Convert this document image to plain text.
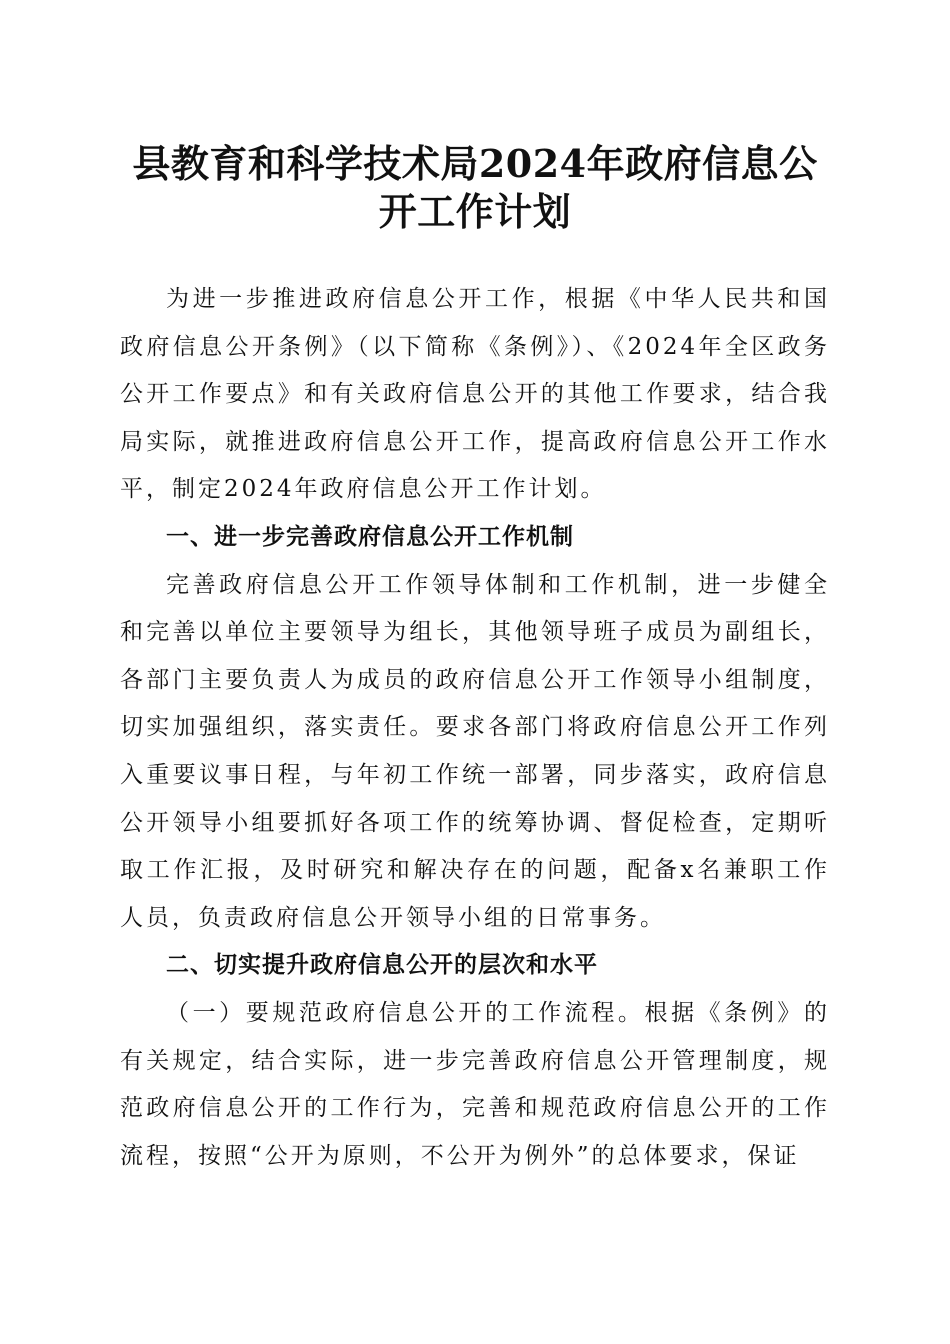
县教育和科学技术局2024年政府信息公开工作计划

为进一步推进政府信息公开工作，根据《中华人民共和国政府信息公开条例》（以下简称《条例》）、《2024年全区政务公开工作要点》和有关政府信息公开的其他工作要求，结合我局实际，就推进政府信息公开工作，提高政府信息公开工作水平，制定2024年政府信息公开工作计划。

一、进一步完善政府信息公开工作机制

完善政府信息公开工作领导体制和工作机制，进一步健全和完善以单位主要领导为组长，其他领导班子成员为副组长，各部门主要负责人为成员的政府信息公开工作领导小组制度，切实加强组织，落实责任。要求各部门将政府信息公开工作列入重要议事日程，与年初工作统一部署，同步落实，政府信息公开领导小组要抓好各项工作的统筹协调、督促检查，定期听取工作汇报，及时研究和解决存在的问题，配备x名兼职工作人员，负责政府信息公开领导小组的日常事务。

二、切实提升政府信息公开的层次和水平

（一）要规范政府信息公开的工作流程。根据《条例》的有关规定，结合实际，进一步完善政府信息公开管理制度，规范政府信息公开的工作行为，完善和规范政府信息公开的工作流程，按照“公开为原则，不公开为例外”的总体要求，保证
